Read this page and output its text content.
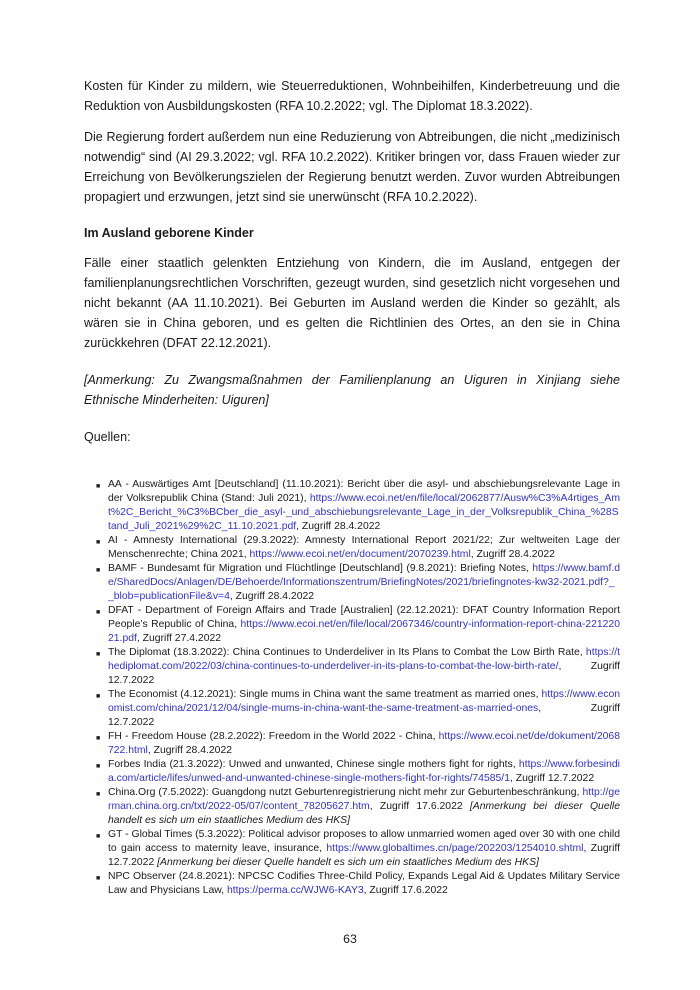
Kosten für Kinder zu mildern, wie Steuerreduktionen, Wohnbeihilfen, Kinderbetreuung und die Reduktion von Ausbildungskosten (RFA 10.2.2022; vgl. The Diplomat 18.3.2022).

Die Regierung fordert außerdem nun eine Reduzierung von Abtreibungen, die nicht „medizinisch notwendig“ sind (AI 29.3.2022; vgl. RFA 10.2.2022). Kritiker bringen vor, dass Frauen wieder zur Erreichung von Bevölkerungszielen der Regierung benutzt werden. Zuvor wurden Abtreibungen propagiert und erzwungen, jetzt sind sie unerwünscht (RFA 10.2.2022).

Im Ausland geborene Kinder

Fälle einer staatlich gelenkten Entziehung von Kindern, die im Ausland, entgegen der familienplanungsrechtlichen Vorschriften, gezeugt wurden, sind gesetzlich nicht vorgesehen und nicht bekannt (AA 11.10.2021). Bei Geburten im Ausland werden die Kinder so gezählt, als wären sie in China geboren, und es gelten die Richtlinien des Ortes, an den sie in China zurückkehren (DFAT 22.12.2021).

[Anmerkung: Zu Zwangsmaßnahmen der Familienplanung an Uiguren in Xinjiang siehe Ethnische Minderheiten: Uiguren]

Quellen:

■ AA - Auswärtiges Amt [Deutschland] (11.10.2021): Bericht über die asyl- und abschiebungsrelevante Lage in der Volksrepublik China (Stand: Juli 2021), https://www.ecoi.net/en/file/local/2062877/Ausw%C3%A4rtiges_Amt%2C_Bericht_%C3%BCber_die_asyl-_und_abschiebungsrelevante_Lage_in_der_Volksrepublik_China_%28Stand_Juli_2021%29%2C_11.10.2021.pdf, Zugriff 28.4.2022
■ AI - Amnesty International (29.3.2022): Amnesty International Report 2021/22; Zur weltweiten Lage der Menschenrechte; China 2021, https://www.ecoi.net/en/document/2070239.html, Zugriff 28.4.2022
■ BAMF - Bundesamt für Migration und Flüchtlinge [Deutschland] (9.8.2021): Briefing Notes, https://www.bamf.de/SharedDocs/Anlagen/DE/Behoerde/Informationszentrum/BriefingNotes/2021/briefingnotes-kw32-2021.pdf?__blob=publicationFile&v=4, Zugriff 28.4.2022
■ DFAT - Department of Foreign Affairs and Trade [Australien] (22.12.2021): DFAT Country Information Report People’s Republic of China, https://www.ecoi.net/en/file/local/2067346/country-information-report-china-22122021.pdf, Zugriff 27.4.2022
■ The Diplomat (18.3.2022): China Continues to Underdeliver in Its Plans to Combat the Low Birth Rate, https://thediplomat.com/2022/03/china-continues-to-underdeliver-in-its-plans-to-combat-the-low-birth-rate/, Zugriff 12.7.2022
■ The Economist (4.12.2021): Single mums in China want the same treatment as married ones, https://www.economist.com/china/2021/12/04/single-mums-in-china-want-the-same-treatment-as-married-ones, Zugriff 12.7.2022
■ FH - Freedom House (28.2.2022): Freedom in the World 2022 - China, https://www.ecoi.net/de/dokument/2068722.html, Zugriff 28.4.2022
■ Forbes India (21.3.2022): Unwed and unwanted, Chinese single mothers fight for rights, https://www.forbesindia.com/article/lifes/unwed-and-unwanted-chinese-single-mothers-fight-for-rights/74585/1, Zugriff 12.7.2022
■ China.Org (7.5.2022): Guangdong nutzt Geburtenregistrierung nicht mehr zur Geburtenbeschränkung, http://german.china.org.cn/txt/2022-05/07/content_78205627.htm, Zugriff 17.6.2022 [Anmerkung bei dieser Quelle handelt es sich um ein staatliches Medium des HKS]
■ GT - Global Times (5.3.2022): Political advisor proposes to allow unmarried women aged over 30 with one child to gain access to maternity leave, insurance, https://www.globaltimes.cn/page/202203/1254010.shtml, Zugriff 12.7.2022 [Anmerkung bei dieser Quelle handelt es sich um ein staatliches Medium des HKS]
■ NPC Observer (24.8.2021): NPCSC Codifies Three-Child Policy, Expands Legal Aid & Updates Military Service Law and Physicians Law, https://perma.cc/WJW6-KAY3, Zugriff 17.6.2022
63
